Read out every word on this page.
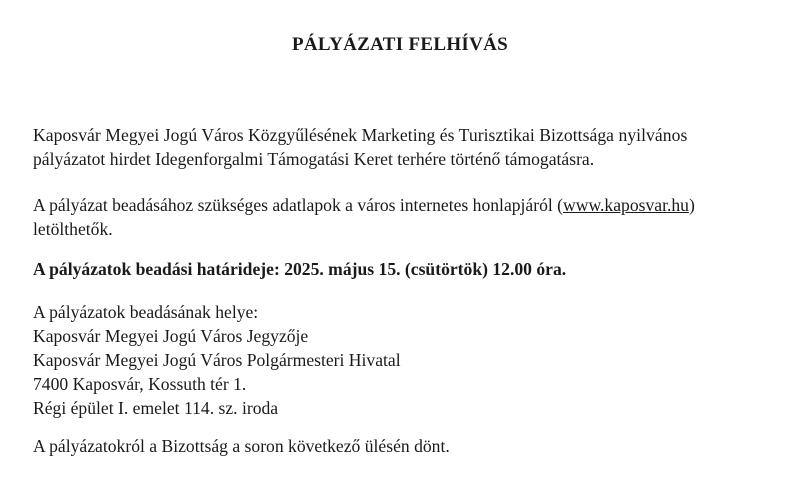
PÁLYÁZATI FELHÍVÁS

Kaposvár Megyei Jogú Város Közgyűlésének Marketing és Turisztikai Bizottsága nyilvános
pályázatot hirdet Idegenforgalmi Támogatási Keret terhére történő támogatásra.

A pályázat beadásához szükséges adatlapok a város internetes honlapjáról (www.kaposvar.hu)
letölthetők.

A pályázatok beadási határideje: 2025. május 15. (csütörtök) 12.00 óra.

A pályázatok beadásának helye:
Kaposvár Megyei Jogú Város Jegyzője
Kaposvár Megyei Jogú Város Polgármesteri Hivatal
7400 Kaposvár, Kossuth tér 1.
Régi épület I. emelet 114. sz. iroda

A pályázatokról a Bizottság a soron következő ülésén dönt.
